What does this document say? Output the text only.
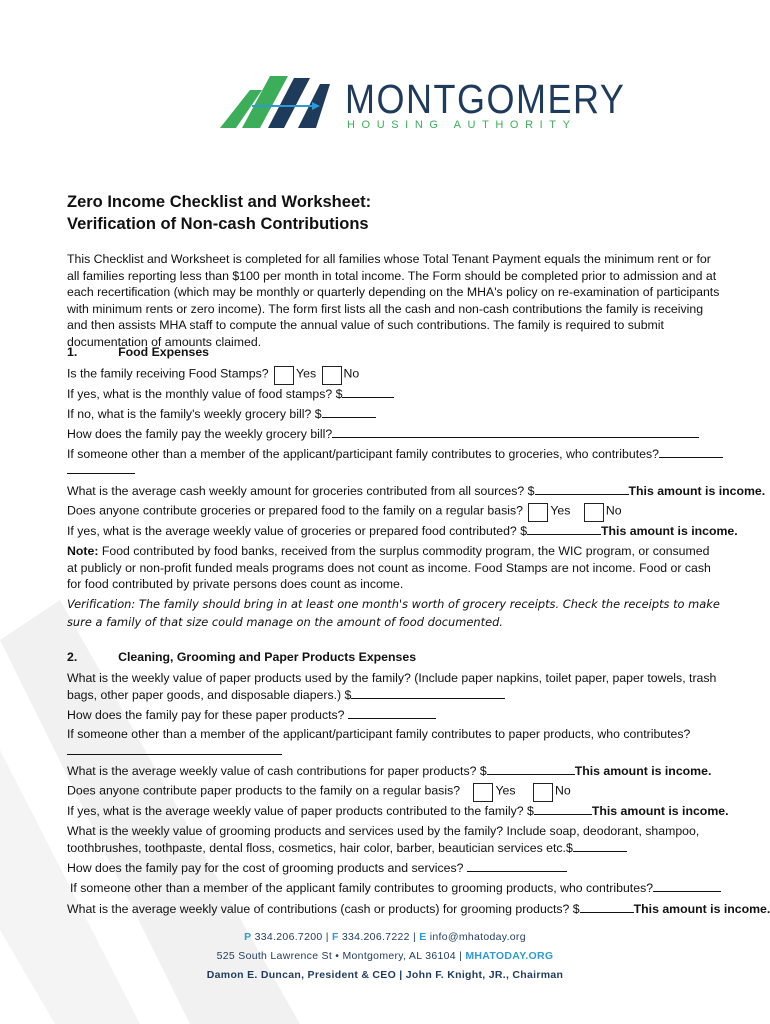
MONTGOMERY
HOUSING AUTHORITY
Zero Income Checklist and Worksheet:
Verification of Non-cash Contributions
This Checklist and Worksheet is completed for all families whose Total Tenant Payment equals the minimum rent or for all families reporting less than $100 per month in total income. The Form should be completed prior to admission and at each recertification (which may be monthly or quarterly depending on the MHA's policy on re-examination of participants with minimum rents or zero income). The form first lists all the cash and non-cash contributions the family is receiving and then assists MHA staff to compute the annual value of such contributions. The family is required to submit documentation of amounts claimed.
1.	Food Expenses
Is the family receiving Food Stamps? Yes No
If yes, what is the monthly value of food stamps? $
If no, what is the family's weekly grocery bill? $
How does the family pay the weekly grocery bill?
If someone other than a member of the applicant/participant family contributes to groceries, who contributes?
What is the average cash weekly amount for groceries contributed from all sources? $	This amount is income.
Does anyone contribute groceries or prepared food to the family on a regular basis? Yes	No
If yes, what is the average weekly value of groceries or prepared food contributed? $	This amount is income.
Note: Food contributed by food banks, received from the surplus commodity program, the WIC program, or consumed at publicly or non-profit funded meals programs does not count as income. Food Stamps are not income. Food or cash for food contributed by private persons does count as income.
Verification: The family should bring in at least one month's worth of grocery receipts. Check the receipts to make sure a family of that size could manage on the amount of food documented.
2.	Cleaning, Grooming and Paper Products Expenses
What is the weekly value of paper products used by the family? (Include paper napkins, toilet paper, paper towels, trash bags, other paper goods, and disposable diapers.) $
How does the family pay for these paper products?
If someone other than a member of the applicant/participant family contributes to paper products, who contributes?
What is the average weekly value of cash contributions for paper products? $	This amount is income.
Does anyone contribute paper products to the family on a regular basis?	Yes	No
If yes, what is the average weekly value of paper products contributed to the family? $	This amount is income.
What is the weekly value of grooming products and services used by the family? Include soap, deodorant, shampoo, toothbrushes, toothpaste, dental floss, cosmetics, hair color, barber, beautician services etc.$
How does the family pay for the cost of grooming products and services?
If someone other than a member of the applicant family contributes to grooming products, who contributes?
What is the average weekly value of contributions (cash or products) for grooming products? $	This amount is income.
P 334.206.7200 | F 334.206.7222 | E info@mhatoday.org
525 South Lawrence St • Montgomery, AL 36104 | MHATODAY.ORG
Damon E. Duncan, President & CEO | John F. Knight, JR., Chairman
